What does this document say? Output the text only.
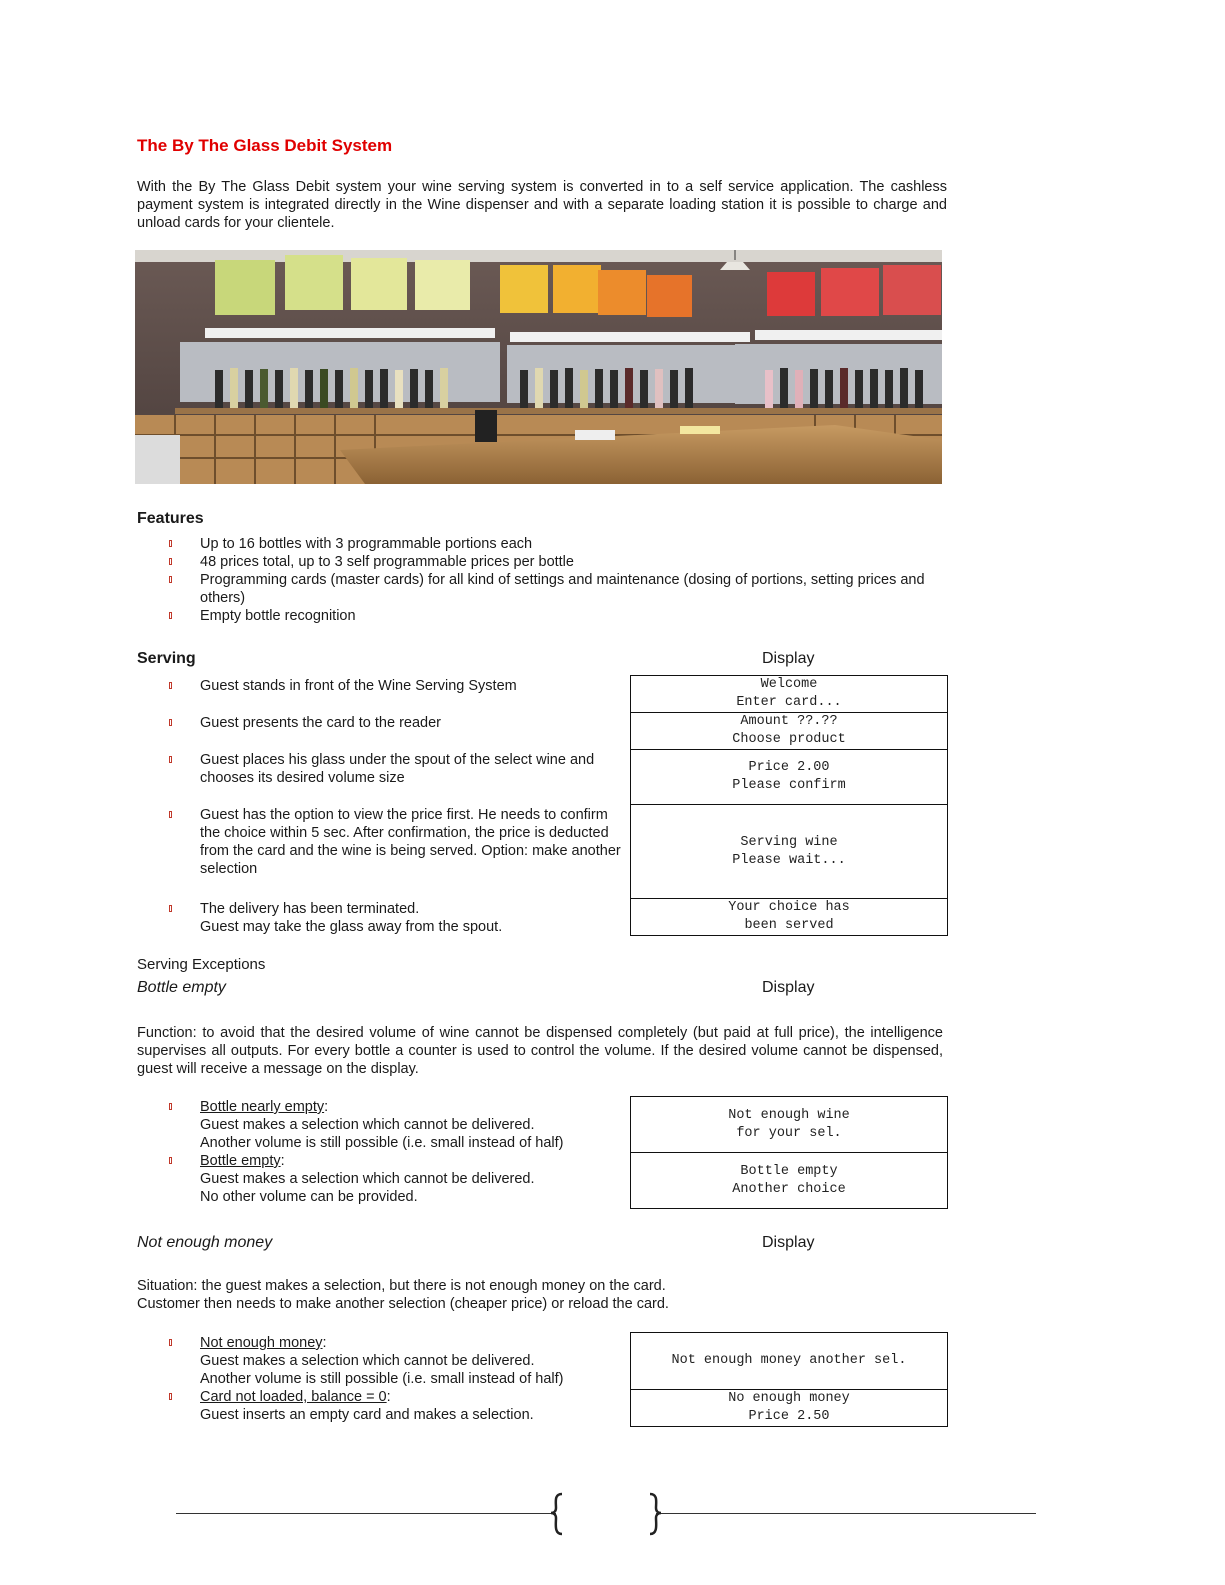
The By The Glass Debit System
With the By The Glass Debit system your wine serving system is converted in to a self service application. The cashless payment system is integrated directly in the Wine dispenser and with a separate loading station it is possible to charge and unload cards for your clientele.
Features
Up to 16 bottles with 3 programmable portions each
48 prices total, up to 3 self programmable prices per bottle
Programming cards (master cards) for all kind of settings and maintenance (dosing of portions, setting prices and others)
Empty bottle recognition
Serving	Display
Guest stands in front of the Wine Serving System
Guest presents the card to the reader
Guest places his glass under the spout of the select wine and chooses its desired volume size
Guest has the option to view the price first. He needs to confirm the choice within 5 sec. After confirmation, the price is deducted from the card and the wine is being served. Option: make another selection
The delivery has been terminated.
Guest may take the glass away from the spout.
Welcome
Enter card...
Amount ??.??
Choose product
Price 2.00
Please confirm
Serving wine
Please wait...
Your choice has
been served
Serving Exceptions
Bottle empty	Display
Function: to avoid that the desired volume of wine cannot be dispensed completely (but paid at full price), the intelligence supervises all outputs. For every bottle a counter is used to control the volume. If the desired volume cannot be dispensed, guest will receive a message on the display.
Bottle nearly empty:
Guest makes a selection which cannot be delivered.
Another volume is still possible (i.e. small instead of half)
Bottle empty:
Guest makes a selection which cannot be delivered.
No other volume can be provided.
Not enough wine
for your sel.
Bottle empty
Another choice
Not enough money	Display
Situation: the guest makes a selection, but there is not enough money on the card.
Customer then needs to make another selection (cheaper price) or reload the card.
Not enough money:
Guest makes a selection which cannot be delivered.
Another volume is still possible (i.e. small instead of half)
Card not loaded, balance = 0:
Guest inserts an empty card and makes a selection.
Not enough money another sel.
No enough money
Price 2.50
